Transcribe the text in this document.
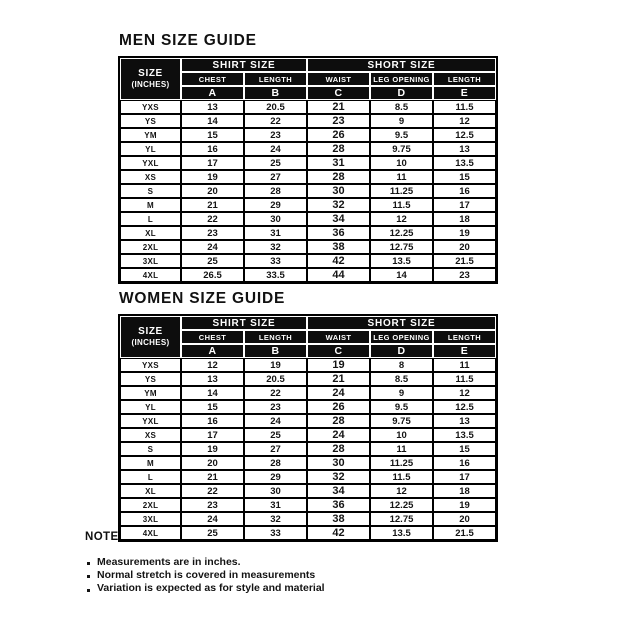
MEN SIZE GUIDE
SIZE
(INCHES)	SHIRT SIZE		SHORT SIZE		
	CHEST	LENGTH	WAIST	LEG OPENING	LENGTH
	A	B	C	D	E
YXS	13	20.5	21	8.5	11.5
YS	14	22	23	9	12
YM	15	23	26	9.5	12.5
YL	16	24	28	9.75	13
YXL	17	25	31	10	13.5
XS	19	27	28	11	15
S	20	28	30	11.25	16
M	21	29	32	11.5	17
L	22	30	34	12	18
XL	23	31	36	12.25	19
2XL	24	32	38	12.75	20
3XL	25	33	42	13.5	21.5
4XL	26.5	33.5	44	14	23
WOMEN SIZE GUIDE
SIZE
(INCHES)	SHIRT SIZE		SHORT SIZE		
	CHEST	LENGTH	WAIST	LEG OPENING	LENGTH
	A	B	C	D	E
YXS	12	19	19	8	11
YS	13	20.5	21	8.5	11.5
YM	14	22	24	9	12
YL	15	23	26	9.5	12.5
YXL	16	24	28	9.75	13
XS	17	25	24	10	13.5
S	19	27	28	11	15
M	20	28	30	11.25	16
L	21	29	32	11.5	17
XL	22	30	34	12	18
2XL	23	31	36	12.25	19
3XL	24	32	38	12.75	20
4XL	25	33	42	13.5	21.5
NOTE
Measurements are in inches.
Normal stretch is covered in measurements
Variation is expected as for style and material
